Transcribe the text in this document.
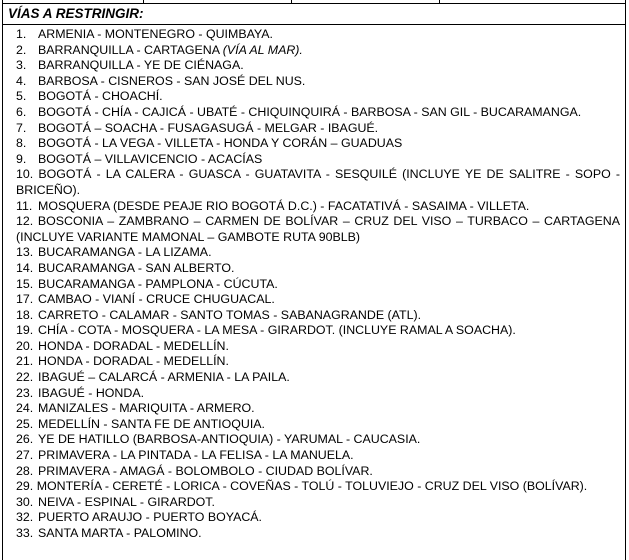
VÍAS A RESTRINGIR:
1. ARMENIA - MONTENEGRO - QUIMBAYA.
2. BARRANQUILLA - CARTAGENA (VÍA AL MAR).
3. BARRANQUILLA - YE DE CIÉNAGA.
4. BARBOSA - CISNEROS - SAN JOSÉ DEL NUS.
5. BOGOTÁ - CHOACHÍ.
6. BOGOTÁ - CHÍA - CAJICÁ - UBATÉ - CHIQUINQUIRÁ - BARBOSA - SAN GIL - BUCARAMANGA.
7. BOGOTÁ – SOACHA - FUSAGASUGÁ - MELGAR - IBAGUÉ.
8. BOGOTÁ - LA VEGA - VILLETA - HONDA Y CORÁN – GUADUAS
9. BOGOTÁ – VILLAVICENCIO - ACACÍAS
10. BOGOTÁ - LA CALERA - GUASCA - GUATAVITA - SESQUILÉ (INCLUYE YE DE SALITRE - SOPO - BRICEÑO).
11. MOSQUERA (DESDE PEAJE RIO BOGOTÁ D.C.) - FACATATIVÁ - SASAIMA - VILLETA.
12. BOSCONIA – ZAMBRANO – CARMEN DE BOLÍVAR – CRUZ DEL VISO – TURBACO – CARTAGENA (INCLUYE VARIANTE MAMONAL – GAMBOTE RUTA 90BLB)
13. BUCARAMANGA - LA LIZAMA.
14. BUCARAMANGA - SAN ALBERTO.
15. BUCARAMANGA - PAMPLONA - CÚCUTA.
17. CAMBAO - VIANÍ - CRUCE CHUGUACAL.
18. CARRETO - CALAMAR - SANTO TOMAS - SABANAGRANDE (ATL).
19. CHÍA - COTA - MOSQUERA - LA MESA - GIRARDOT. (INCLUYE RAMAL A SOACHA).
20. HONDA - DORADAL - MEDELLÍN.
21. HONDA - DORADAL - MEDELLÍN.
22. IBAGUÉ – CALARCÁ - ARMENIA - LA PAILA.
23. IBAGUÉ - HONDA.
24. MANIZALES - MARIQUITA - ARMERO.
25. MEDELLÍN - SANTA FE DE ANTIOQUIA.
26. YE DE HATILLO (BARBOSA-ANTIOQUIA) - YARUMAL - CAUCASIA.
27. PRIMAVERA - LA PINTADA - LA FELISA - LA MANUELA.
28. PRIMAVERA - AMAGÁ - BOLOMBOLO - CIUDAD BOLÍVAR.
29. MONTERÍA - CERETÉ - LORICA - COVEÑAS - TOLÚ - TOLUVIEJO - CRUZ DEL VISO (BOLÍVAR).
30. NEIVA - ESPINAL - GIRARDOT.
32. PUERTO ARAUJO - PUERTO BOYACÁ.
33. SANTA MARTA - PALOMINO.
